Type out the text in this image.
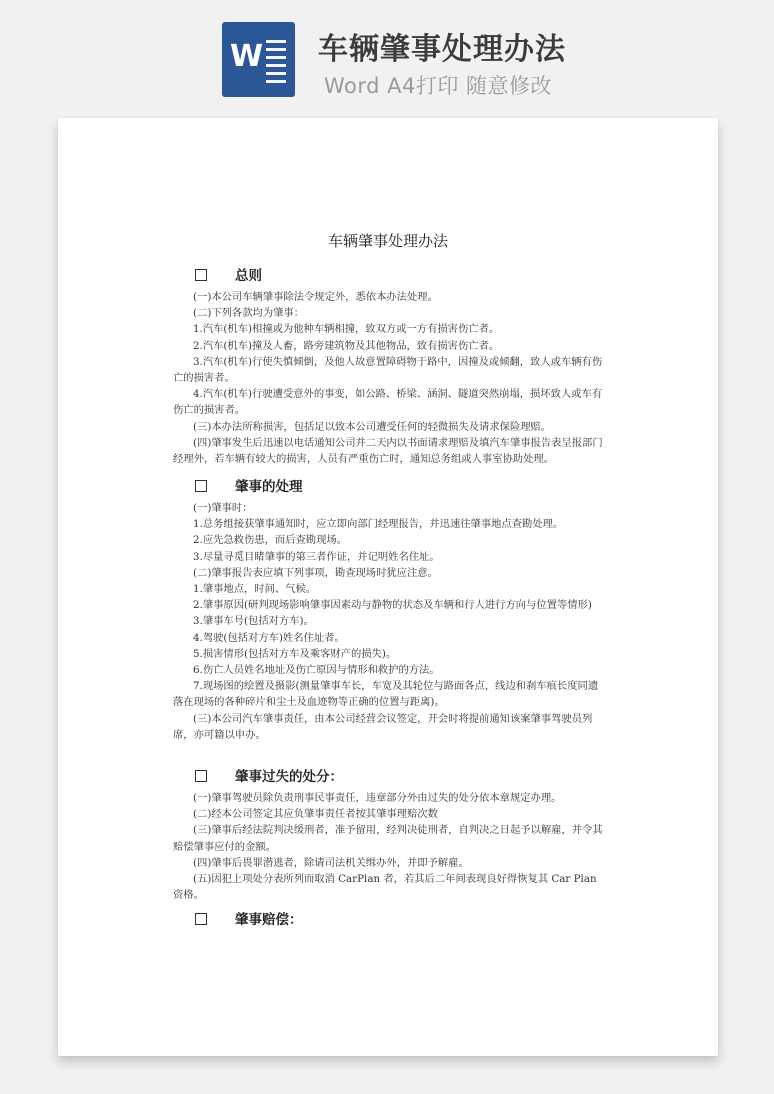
W 车辆肇事处理办法
Word A4打印 随意修改
车辆肇事处理办法
总则

(一)本公司车辆肇事除法令规定外，悉依本办法处理。

(二)下列各款均为肇事：

1.汽车(机车)相撞或为他种车辆相撞，致双方或一方有损害伤亡者。

2.汽车(机车)撞及人畜，路旁建筑物及其他物品，致有损害伤亡者。

3.汽车(机车)行使失慎倾倒，及他人故意置障碍物于路中，因撞及或倾翻，致人或车辆有伤亡的损害者。

4.汽车(机车)行驶遭受意外的事变，如公路、桥梁、涵洞、隧道突然崩塌，损坏致人或车有伤亡的损害者。

(三)本办法所称损害，包括足以致本公司遭受任何的轻微损失及请求保险理赔。

(四)肇事发生后迅速以电话通知公司并二天内以书面请求理赔及填汽车肇事报告表呈报部门经理外，若车辆有较大的损害，人员有严重伤亡时，通知总务组或人事室协助处理。

肇事的处理

(一)肇事时：

1.总务组接获肇事通知时，应立即向部门经理报告，并迅速往肇事地点查勘处理。

2.应先急救伤患，而后查勘现场。

3.尽量寻觅目睹肇事的第三者作证，并记明姓名住址。

(二)肇事报告表应填下列事项，勘查现场时犹应注意。

1.肇事地点，时间、气候。

2.肇事原因(研判现场影响肇事因素动与静物的状态及车辆和行人进行方向与位置等情形)

3.肇事车号(包括对方车)。

4.驾驶(包括对方车)姓名住址者。

5.损害情形(包括对方车及乘客财产的损失)。

6.伤亡人员姓名地址及伤亡原因与情形和救护的方法。

7.现场图的绘置及摄影(测量肇事车长，车宽及其轮位与路面各点，线边和刹车痕长度同遗落在现场的各种碎片和尘土及血迹物等正确的位置与距离)。

(三)本公司汽车肇事责任，由本公司经营会议签定，开会时将提前通知该案肇事驾驶员列席，亦可籍以申办。

肇事过失的处分：

(一)肇事驾驶员除负责刑事民事责任，违章部分外由过失的处分依本章规定办理。

(二)经本公司签定其应负肇事责任者按其肇事理赔次数

(三)肇事后经法院判决缓刑者，准予留用，经判决徒刑者，自判决之日起予以解雇，并令其赔偿肇事应付的金额。

(四)肇事后畏罪潜逃者，除请司法机关缉办外，并即予解雇。

(五)因犯上项处分表所列而取消 CarPlan 者，若其后二年间表现良好得恢复其 Car Plan 资格。

肇事赔偿：
